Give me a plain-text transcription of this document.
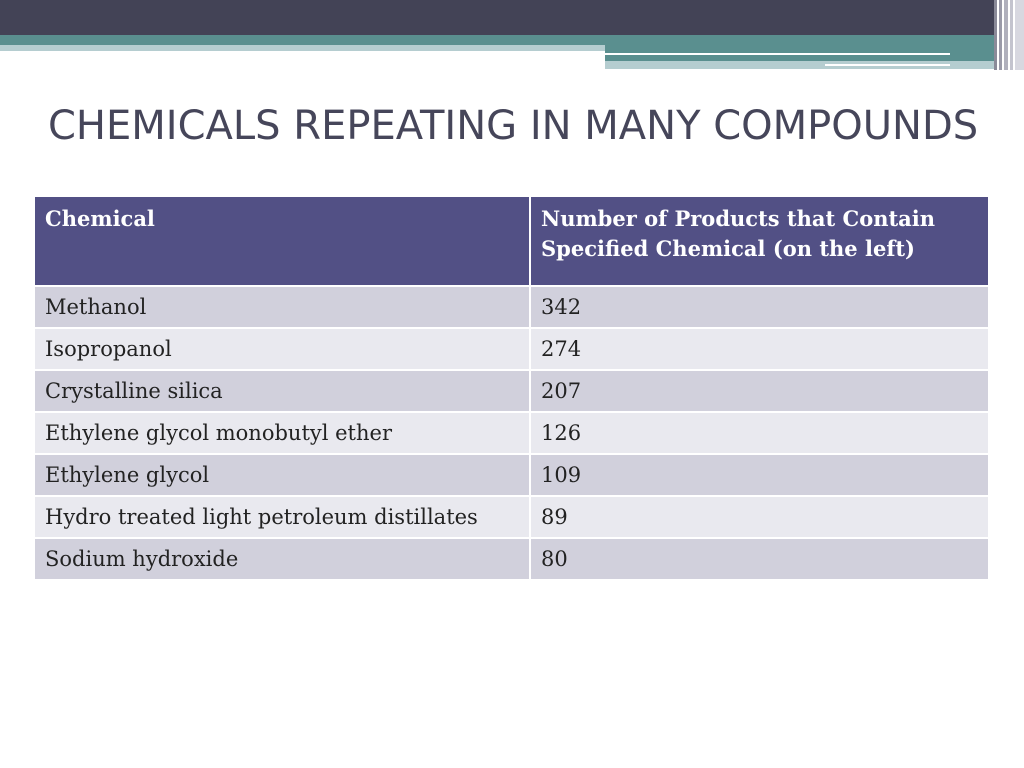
CHEMICALS REPEATING IN MANY COMPOUNDS
Chemical	Number of Products that Contain Specified Chemical (on the left)
Methanol	342
Isopropanol	274
Crystalline silica	207
Ethylene glycol monobutyl ether	126
Ethylene glycol	109
Hydro treated light petroleum distillates	89
Sodium hydroxide	80
